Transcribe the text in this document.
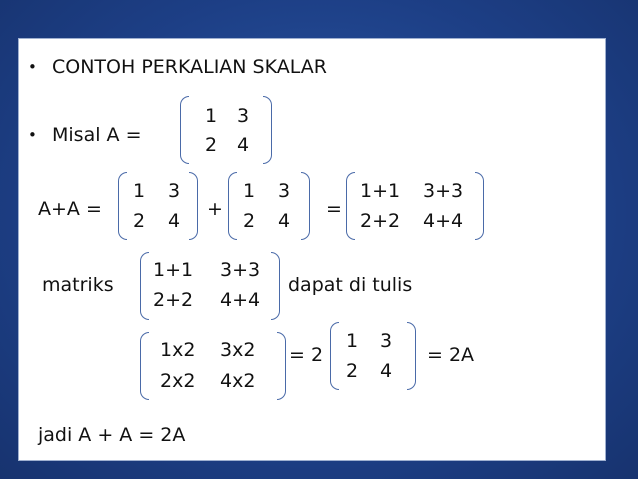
• CONTOH PERKALIAN SKALAR
• Misal A =
1 3
2 4
A+A =
1 3
2 4
+
1 3
2 4
=
1+1 3+3
2+2 4+4
matriks
1+1 3+3
2+2 4+4
dapat di tulis
1x2 3x2
2x2 4x2
= 2
1 3
2 4
= 2A
jadi A + A = 2A
